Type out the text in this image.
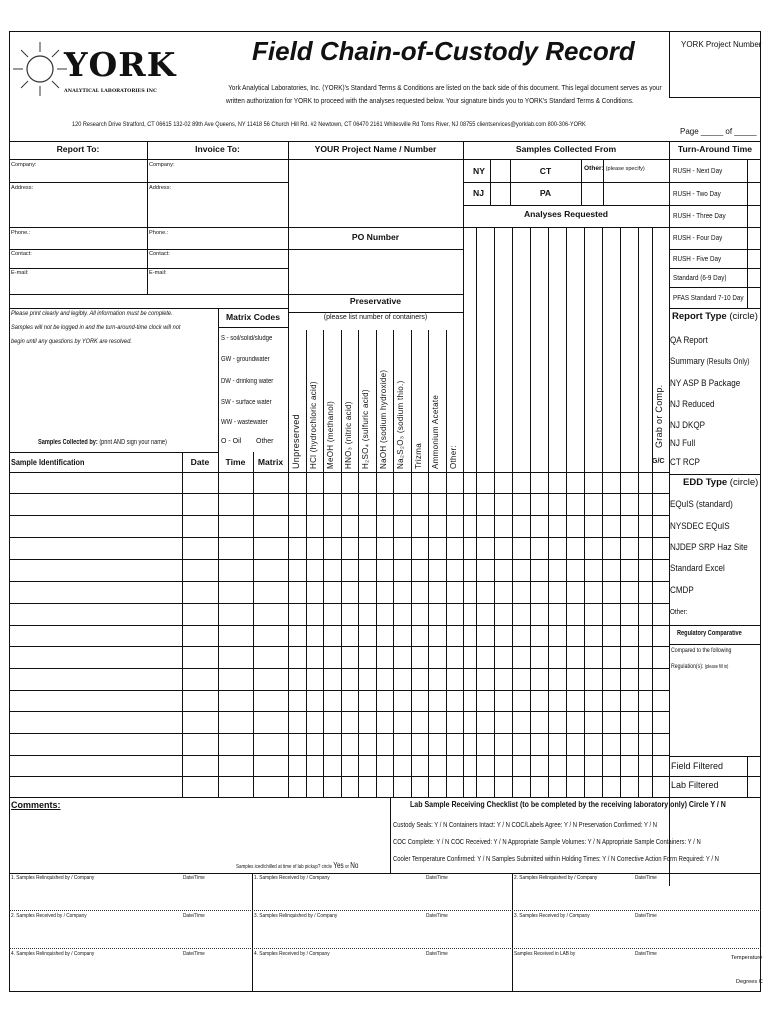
YORK
ANALYTICAL LABORATORIES INC
Field Chain-of-Custody Record
York Analytical Laboratories, Inc. (YORK)'s Standard Terms & Conditions are listed on the back side of this document. This legal document serves as your
written authorization for YORK to proceed with the analyses requested below. Your signature binds you to YORK's Standard Terms & Conditions.
YORK Project Number
120 Research Drive Stratford, CT 06615 132-02 89th Ave Queens, NY 11418 56 Church Hill Rd. #2 Newtown, CT 06470 2161 Whitesville Rd Toms River, NJ 08755 clientservices@yorklab.com 800-306-YORK
Page _____ of _____
Report To:	Invoice To:	YOUR Project Name / Number	Samples Collected From	Turn-Around Time
Company:
Address:
Phone.:
Contact:
E-mail:
Company:
Address:
Phone.:
Contact:
E-mail:
PO Number
NY
NJ
CT
PA
Other: (please specify)
Analyses Requested
RUSH - Next Day
RUSH - Two Day
RUSH - Three Day
RUSH - Four Day
RUSH - Five Day
Standard (6-9 Day)
PFAS Standard 7-10 Day
Preservative
(please list number of containers)
Please print clearly and legibly. All information must be complete.
Samples will not be logged in and the turn-around-time clock will not
begin until any questions by YORK are resolved.
Matrix Codes
S - soil/solid/sludge
GW - groundwater
DW - drinking water
SW - surface water
WW - wastewater
O - Oil Other
Samples Collected by: (print AND sign your name)	Unpreserved HCl (hydrochloric acid) MeOH (methanol) HNO₃ (nitric acid) H₂SO₄ (sulfuric acid) NaOH (sodium hydroxide) Na₂S₂O₃ (sodium thio.) Trizma Ammonium Acetate Other:
Grab or Comp.
G/C
Sample Identification	Date	Time	Matrix
Report Type (circle)
QA Report
Summary (Results Only)
NY ASP B Package
NJ Reduced
NJ DKQP
NJ Full
CT RCP
EDD Type (circle)
EQuIS (standard)
NYSDEC EQuIS
NJDEP SRP Haz Site
Standard Excel
CMDP
Other:
Regulatory Comparative
Compared to the following
Regulation(s): (please fill in)
Field Filtered
Lab Filtered
Comments:	Lab Sample Receiving Checklist (to be completed by the receiving laboratory only) Circle Y / N
Custody Seals: Y / N Containers Intact: Y / N COC/Labels Agree: Y / N Preservation Confirmed: Y / N
COC Complete: Y / N COC Received: Y / N Appropriate Sample Volumes: Y / N Appropriate Sample Containers: Y / N
Cooler Temperature Confirmed: Y / N Samples Submitted within Holding Times: Y / N Corrective Action Form Required: Y / N
Samples iced/chilled at time of lab pickup? circle Yes or No
1. Samples Relinquished by / Company	Date/Time	1. Samples Received by / Company	Date/Time	2. Samples Relinquished by / Company	Date/Time
2. Samples Received by / Company	Date/Time	3. Samples Relinquished by / Company	Date/Time	3. Samples Received by / Company	Date/Time
4. Samples Relinquished by / Company	Date/Time	4. Samples Received by / Company	Date/Time	Samples Received in LAB by	Date/Time
Temperature
Degrees C
